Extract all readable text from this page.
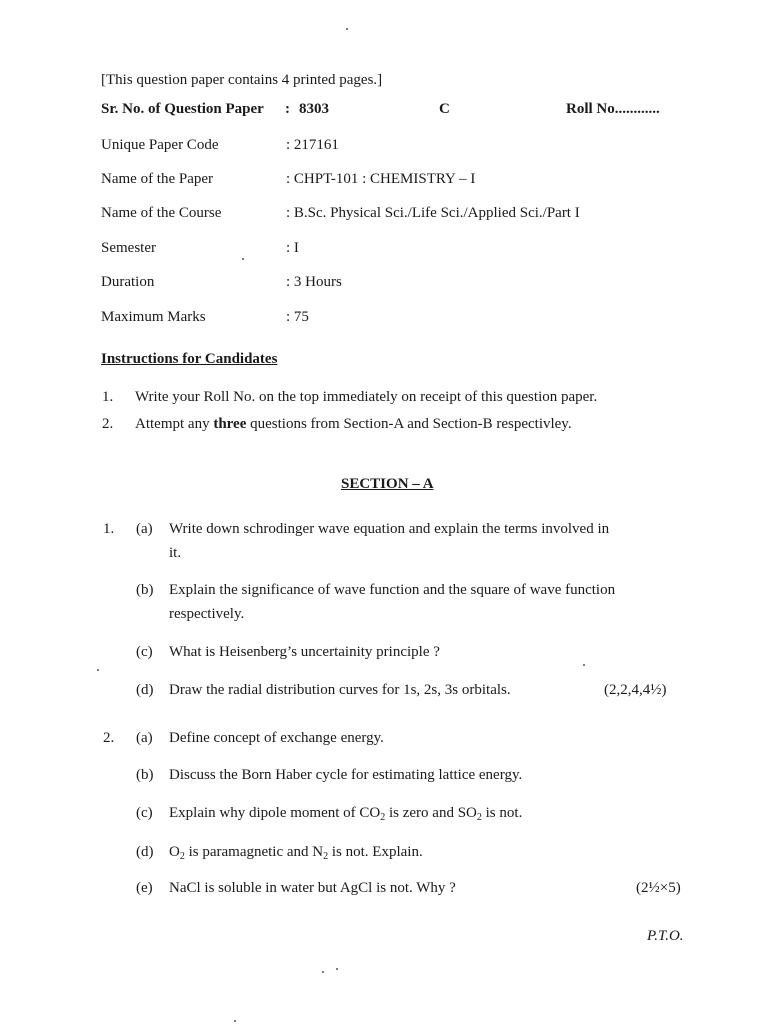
[This question paper contains 4 printed pages.]
Sr. No. of Question Paper : 8303	C	Roll No............
Unique Paper Code	: 217161
Name of the Paper	: CHPT-101 : CHEMISTRY – I
Name of the Course	: B.Sc. Physical Sci./Life Sci./Applied Sci./Part I
Semester	: I
Duration	: 3 Hours
Maximum Marks	: 75
Instructions for Candidates
1. Write your Roll No. on the top immediately on receipt of this question paper.
2. Attempt any three questions from Section-A and Section-B respectivley.
SECTION – A
1. (a) Write down schrodinger wave equation and explain the terms involved in
it.
(b) Explain the significance of wave function and the square of wave function
respectively.
(c) What is Heisenberg’s uncertainity principle ?
(d) Draw the radial distribution curves for 1s, 2s, 3s orbitals.	(2,2,4,4½)
2. (a) Define concept of exchange energy.
(b) Discuss the Born Haber cycle for estimating lattice energy.
(c) Explain why dipole moment of $CO_2$ is zero and $SO_2$ is not.
(d) $O_2$ is paramagnetic and $N_2$ is not. Explain.
(e) NaCl is soluble in water but AgCl is not. Why ?	(2½×5)
P.T.O.
